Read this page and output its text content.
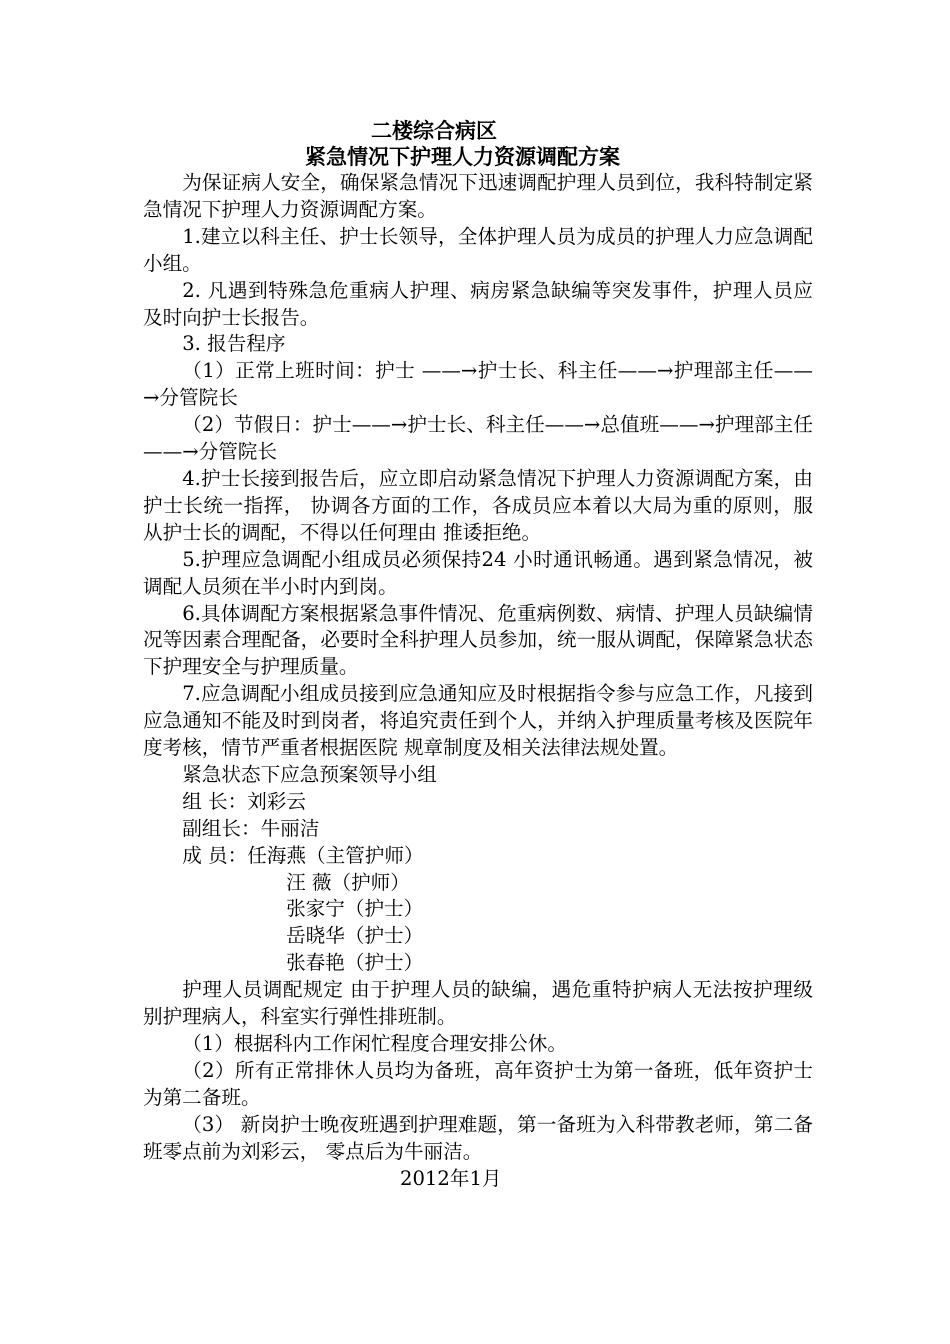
二楼综合病区
紧急情况下护理人力资源调配方案

为保证病人安全，确保紧急情况下迅速调配护理人员到位，我科特制定紧急情况下护理人力资源调配方案。

1.建立以科主任、护士长领导，全体护理人员为成员的护理人力应急调配小组。

2. 凡遇到特殊急危重病人护理、病房紧急缺编等突发事件，护理人员应及时向护士长报告。

3. 报告程序

（1）正常上班时间：护士 ——→护士长、科主任——→护理部主任——→分管院长

（2）节假日：护士——→护士长、科主任——→总值班——→护理部主任——→分管院长

4.护士长接到报告后，应立即启动紧急情况下护理人力资源调配方案，由护士长统一指挥， 协调各方面的工作，各成员应本着以大局为重的原则，服从护士长的调配，不得以任何理由 推诿拒绝。

5.护理应急调配小组成员必须保持24 小时通讯畅通。遇到紧急情况，被调配人员须在半小时内到岗。

6.具体调配方案根据紧急事件情况、危重病例数、病情、护理人员缺编情况等因素合理配备，必要时全科护理人员参加，统一服从调配，保障紧急状态下护理安全与护理质量。

7.应急调配小组成员接到应急通知应及时根据指令参与应急工作，凡接到应急通知不能及时到岗者，将追究责任到个人，并纳入护理质量考核及医院年度考核，情节严重者根据医院 规章制度及相关法律法规处置。

紧急状态下应急预案领导小组

组 长：刘彩云

副组长：牛丽洁

成 员：任海燕（主管护师）

汪 薇（护师）

张家宁（护士）

岳晓华（护士）

张春艳（护士）

护理人员调配规定 由于护理人员的缺编，遇危重特护病人无法按护理级别护理病人，科室实行弹性排班制。

（1）根据科内工作闲忙程度合理安排公休。

（2）所有正常排休人员均为备班，高年资护士为第一备班，低年资护士为第二备班。

（3） 新岗护士晚夜班遇到护理难题，第一备班为入科带教老师，第二备班零点前为刘彩云， 零点后为牛丽洁。

2012年1月
